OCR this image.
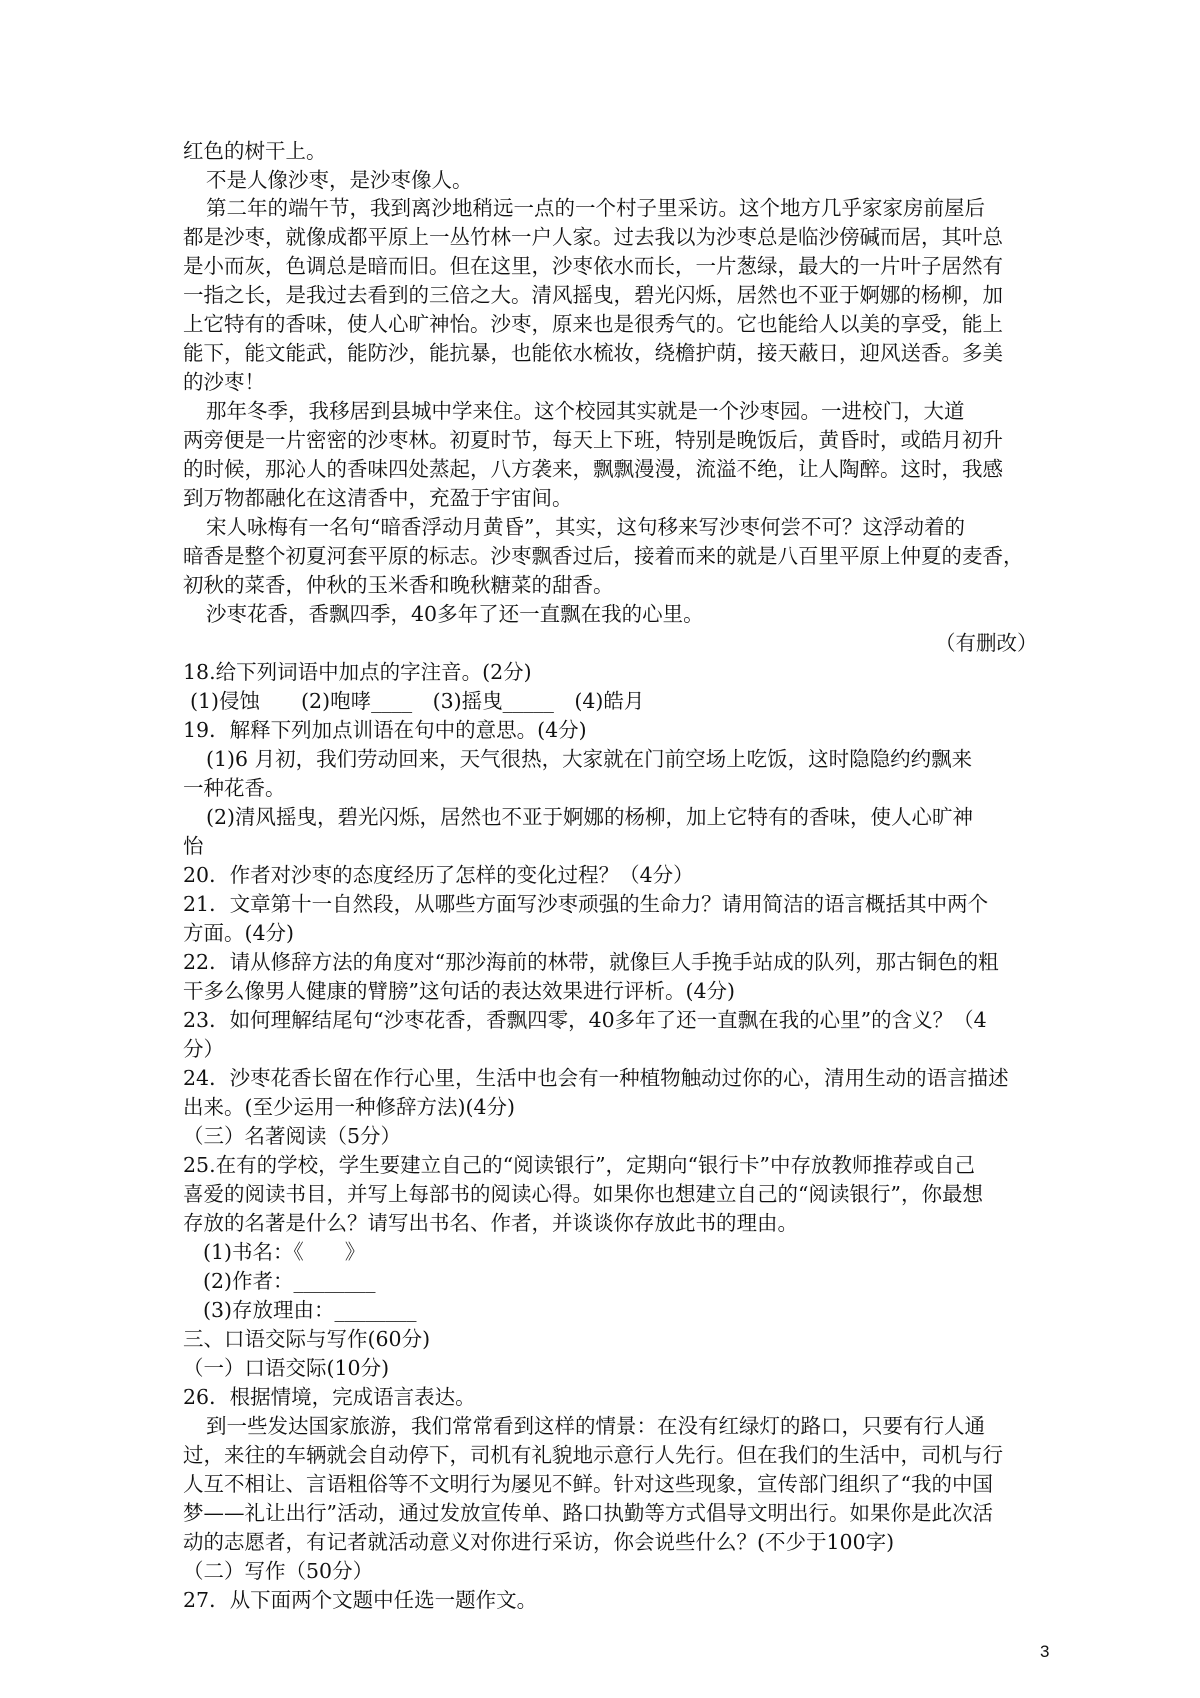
红色的树干上。
不是人像沙枣，是沙枣像人。
第二年的端午节，我到离沙地稍远一点的一个村子里采访。这个地方几乎家家房前屋后
都是沙枣，就像成都平原上一丛竹林一户人家。过去我以为沙枣总是临沙傍碱而居，其叶总
是小而灰，色调总是暗而旧。但在这里，沙枣依水而长，一片葱绿，最大的一片叶子居然有
一指之长，是我过去看到的三倍之大。清风摇曳，碧光闪烁，居然也不亚于婀娜的杨柳，加
上它特有的香味，使人心旷神怡。沙枣，原来也是很秀气的。它也能给人以美的享受，能上
能下，能文能武，能防沙，能抗暴，也能依水梳妆，绕檐护荫，接天蔽日，迎风送香。多美
的沙枣！
那年冬季，我移居到县城中学来住。这个校园其实就是一个沙枣园。一进校门，大道
两旁便是一片密密的沙枣林。初夏时节，每天上下班，特别是晚饭后，黄昏时，或皓月初升
的时候，那沁人的香味四处蒸起，八方袭来，飘飘漫漫，流溢不绝，让人陶醉。这时，我感
到万物都融化在这清香中，充盈于宇宙间。
宋人咏梅有一名句“暗香浮动月黄昏”，其实，这句移来写沙枣何尝不可？这浮动着的
暗香是整个初夏河套平原的标志。沙枣飘香过后，接着而来的就是八百里平原上仲夏的麦香，
初秋的菜香，仲秋的玉米香和晚秋糖菜的甜香。
沙枣花香，香飘四季，40多年了还一直飘在我的心里。
（有删改）
18.给下列词语中加点的字注音。(2分)
(1)侵蚀　　(2)咆哮____　(3)摇曳_____　(4)皓月
19．解释下列加点训语在句中的意思。(4分)
(1)6 月初，我们劳动回来，天气很热，大家就在门前空场上吃饭，这时隐隐约约飘来
一种花香。
(2)清风摇曳，碧光闪烁，居然也不亚于婀娜的杨柳，加上它特有的香味，使人心旷神
怡
20．作者对沙枣的态度经历了怎样的变化过程？（4分）
21．文章第十一自然段，从哪些方面写沙枣顽强的生命力？请用简洁的语言概括其中两个
方面。(4分)
22．请从修辞方法的角度对“那沙海前的林带，就像巨人手挽手站成的队列，那古铜色的粗
干多么像男人健康的臂膀”这句话的表达效果进行评析。(4分)
23．如何理解结尾句“沙枣花香，香飘四零，40多年了还一直飘在我的心里”的含义？（4
分）
24．沙枣花香长留在作行心里，生活中也会有一种植物触动过你的心，清用生动的语言描述
出来。(至少运用一种修辞方法)(4分)
（三）名著阅读（5分）
25.在有的学校，学生要建立自己的“阅读银行”，定期向“银行卡”中存放教师推荐或自己
喜爱的阅读书目，并写上每部书的阅读心得。如果你也想建立自己的“阅读银行”，你最想
存放的名著是什么？请写出书名、作者，并谈谈你存放此书的理由。
(1)书名：《　　》
(2)作者：________
(3)存放理由：________
三、口语交际与写作(60分)
（一）口语交际(10分)
26．根据情境，完成语言表达。
到一些发达国家旅游，我们常常看到这样的情景：在没有红绿灯的路口，只要有行人通
过，来往的车辆就会自动停下，司机有礼貌地示意行人先行。但在我们的生活中，司机与行
人互不相让、言语粗俗等不文明行为屡见不鲜。针对这些现象，宣传部门组织了“我的中国
梦——礼让出行”活动，通过发放宣传单、路口执勤等方式倡导文明出行。如果你是此次活
动的志愿者，有记者就活动意义对你进行采访，你会说些什么？(不少于100字)
（二）写作（50分）
27．从下面两个文题中任选一题作文。
3
